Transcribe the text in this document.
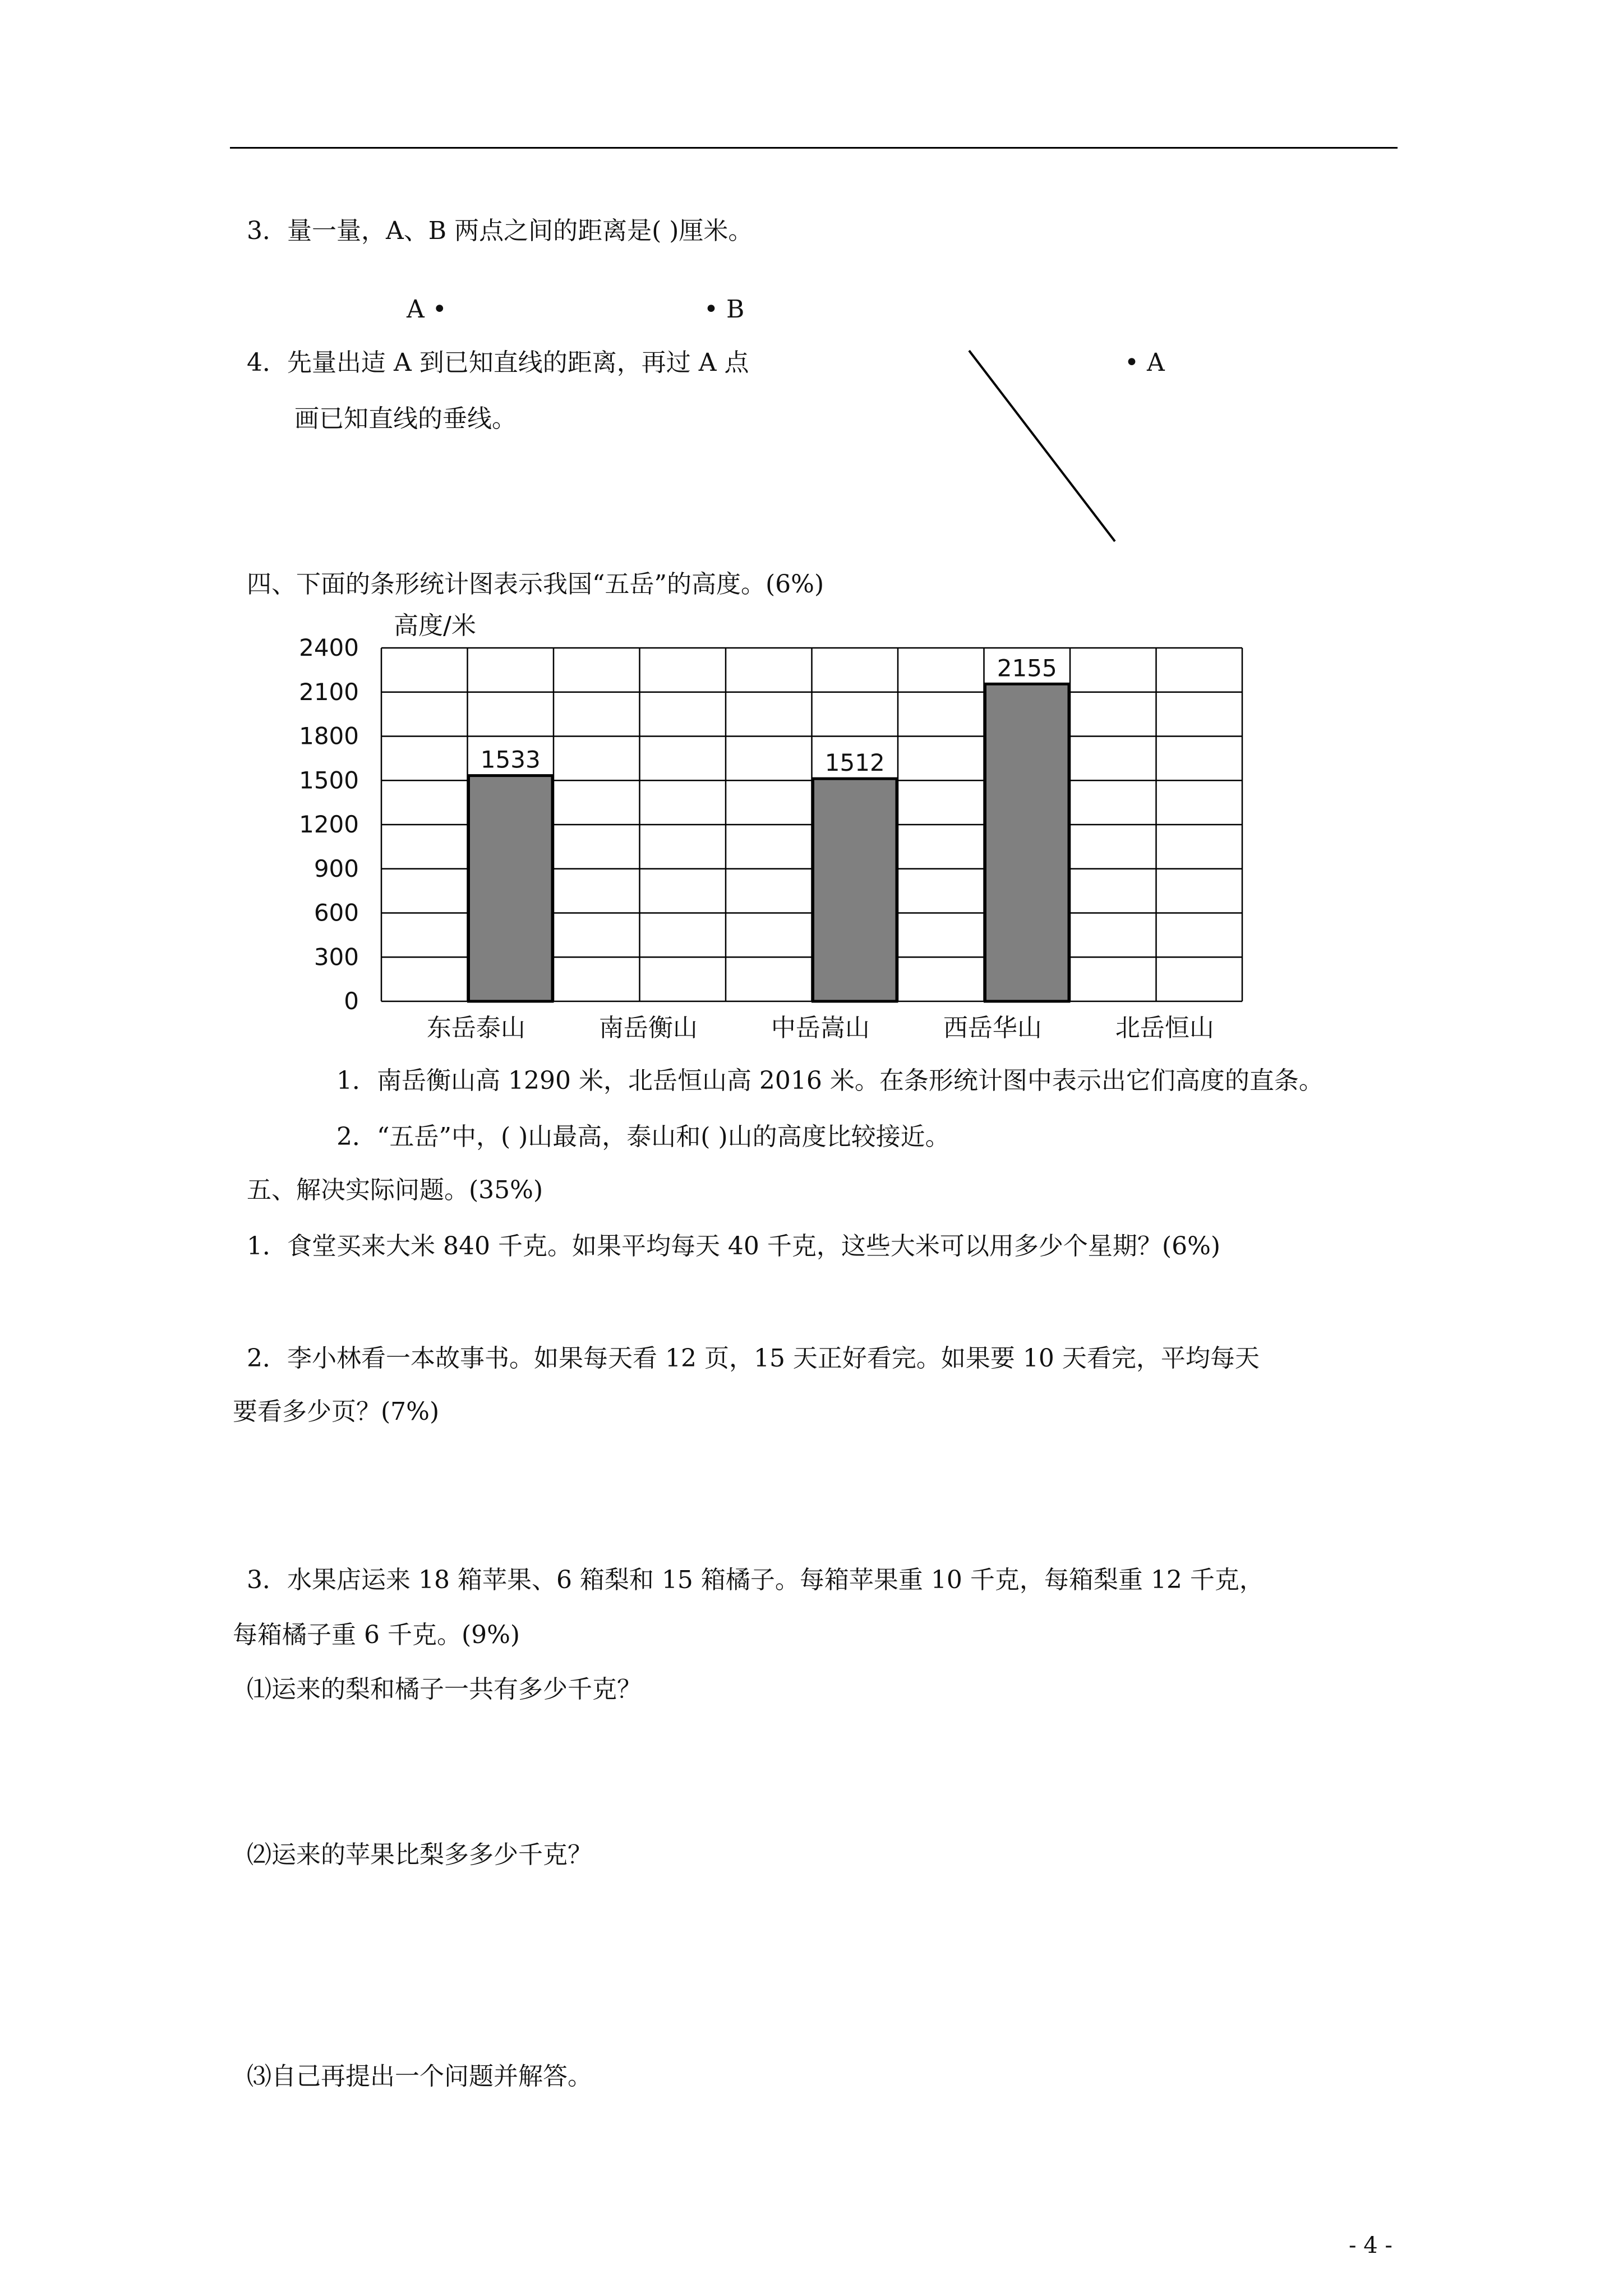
3．量一量，A、B 两点之间的距离是( )厘米。
A •	• B
4．先量出迼 A 到已知直线的距离，再过 A 点
画已知直线的垂线。
• A
四、下面的条形统计图表示我国“五岳”的高度。(6%)
1533	1512
2155
0
300
600
900
1200
1500
1800
2100
2400
东岳泰山	南岳衡山	中岳嵩山	西岳华山	北岳恒山
高度/米
1．南岳衡山高 1290 米，北岳恒山高 2016 米。在条形统计图中表示出它们高度的直条。
2．“五岳”中，( )山最高，泰山和( )山的高度比较接近。
五、解决实际问题。(35%)
1．食堂买来大米 840 千克。如果平均每天 40 千克，这些大米可以用多少个星期？(6%)
2．李小林看一本故事书。如果每天看 12 页，15 天正好看完。如果要 10 天看完，平均每天
要看多少页？(7%)
3．水果店运来 18 箱苹果、6 箱梨和 15 箱橘子。每箱苹果重 10 千克，每箱梨重 12 千克，
每箱橘子重 6 千克。(9%)
⑴运来的梨和橘子一共有多少千克？
⑵运来的苹果比梨多多少千克？
⑶自己再提出一个问题并解答。
- 4 -
